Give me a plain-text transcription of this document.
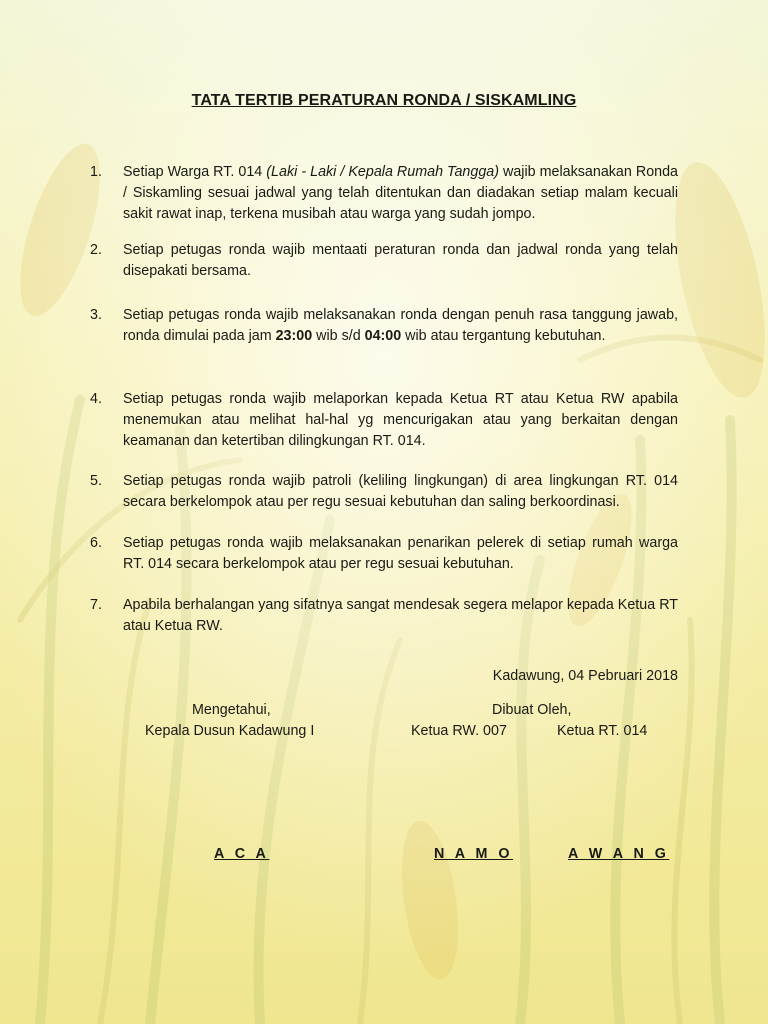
TATA TERTIB PERATURAN RONDA / SISKAMLING
1. Setiap Warga RT. 014 (Laki - Laki / Kepala Rumah Tangga) wajib melaksanakan Ronda / Siskamling sesuai jadwal yang telah ditentukan dan diadakan setiap malam kecuali sakit rawat inap, terkena musibah atau warga yang sudah jompo.
2. Setiap petugas ronda wajib mentaati peraturan ronda dan jadwal ronda yang telah disepakati bersama.
3. Setiap petugas ronda wajib melaksanakan ronda dengan penuh rasa tanggung jawab, ronda dimulai pada jam 23:00 wib s/d 04:00 wib atau tergantung kebutuhan.
4. Setiap petugas ronda wajib melaporkan kepada Ketua RT atau Ketua RW apabila menemukan atau melihat hal-hal yg mencurigakan atau yang berkaitan dengan keamanan dan ketertiban dilingkungan RT. 014.
5. Setiap petugas ronda wajib patroli (keliling lingkungan) di area lingkungan RT. 014 secara berkelompok atau per regu sesuai kebutuhan dan saling berkoordinasi.
6. Setiap petugas ronda wajib melaksanakan penarikan pelerek di setiap rumah warga RT. 014 secara berkelompok atau per regu sesuai kebutuhan.
7. Apabila berhalangan yang sifatnya sangat mendesak segera melapor kepada Ketua RT atau Ketua RW.
Kadawung, 04 Pebruari 2018
Mengetahui,
Kepala Dusun Kadawung I
Dibuat Oleh,
Ketua RW. 007	Ketua RT. 014
A C A	N A M O	A W A N G
